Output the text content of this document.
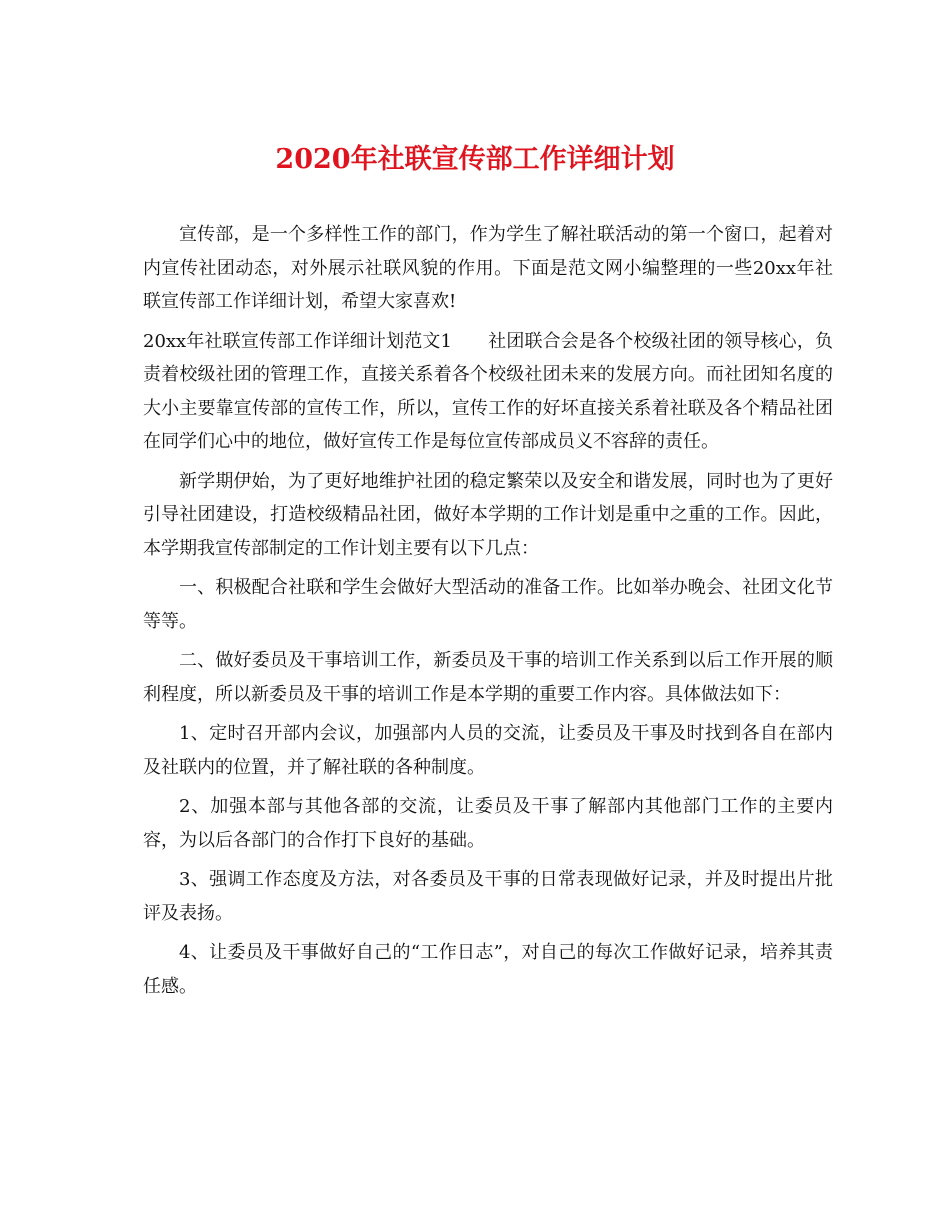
2020年社联宣传部工作详细计划

宣传部，是一个多样性工作的部门，作为学生了解社联活动的第一个窗口，起着对内宣传社团动态，对外展示社联风貌的作用。下面是范文网小编整理的一些20xx年社联宣传部工作详细计划，希望大家喜欢!

20xx年社联宣传部工作详细计划范文1 社团联合会是各个校级社团的领导核心，负责着校级社团的管理工作，直接关系着各个校级社团未来的发展方向。而社团知名度的大小主要靠宣传部的宣传工作，所以，宣传工作的好坏直接关系着社联及各个精品社团在同学们心中的地位，做好宣传工作是每位宣传部成员义不容辞的责任。

新学期伊始，为了更好地维护社团的稳定繁荣以及安全和谐发展，同时也为了更好引导社团建设，打造校级精品社团，做好本学期的工作计划是重中之重的工作。因此，本学期我宣传部制定的工作计划主要有以下几点：

一、积极配合社联和学生会做好大型活动的准备工作。比如举办晚会、社团文化节等等。

二、做好委员及干事培训工作，新委员及干事的培训工作关系到以后工作开展的顺利程度，所以新委员及干事的培训工作是本学期的重要工作内容。具体做法如下：

1、定时召开部内会议，加强部内人员的交流，让委员及干事及时找到各自在部内及社联内的位置，并了解社联的各种制度。

2、加强本部与其他各部的交流，让委员及干事了解部内其他部门工作的主要内容，为以后各部门的合作打下良好的基础。

3、强调工作态度及方法，对各委员及干事的日常表现做好记录，并及时提出片批评及表扬。

4、让委员及干事做好自己的“工作日志”，对自己的每次工作做好记录，培养其责任感。
